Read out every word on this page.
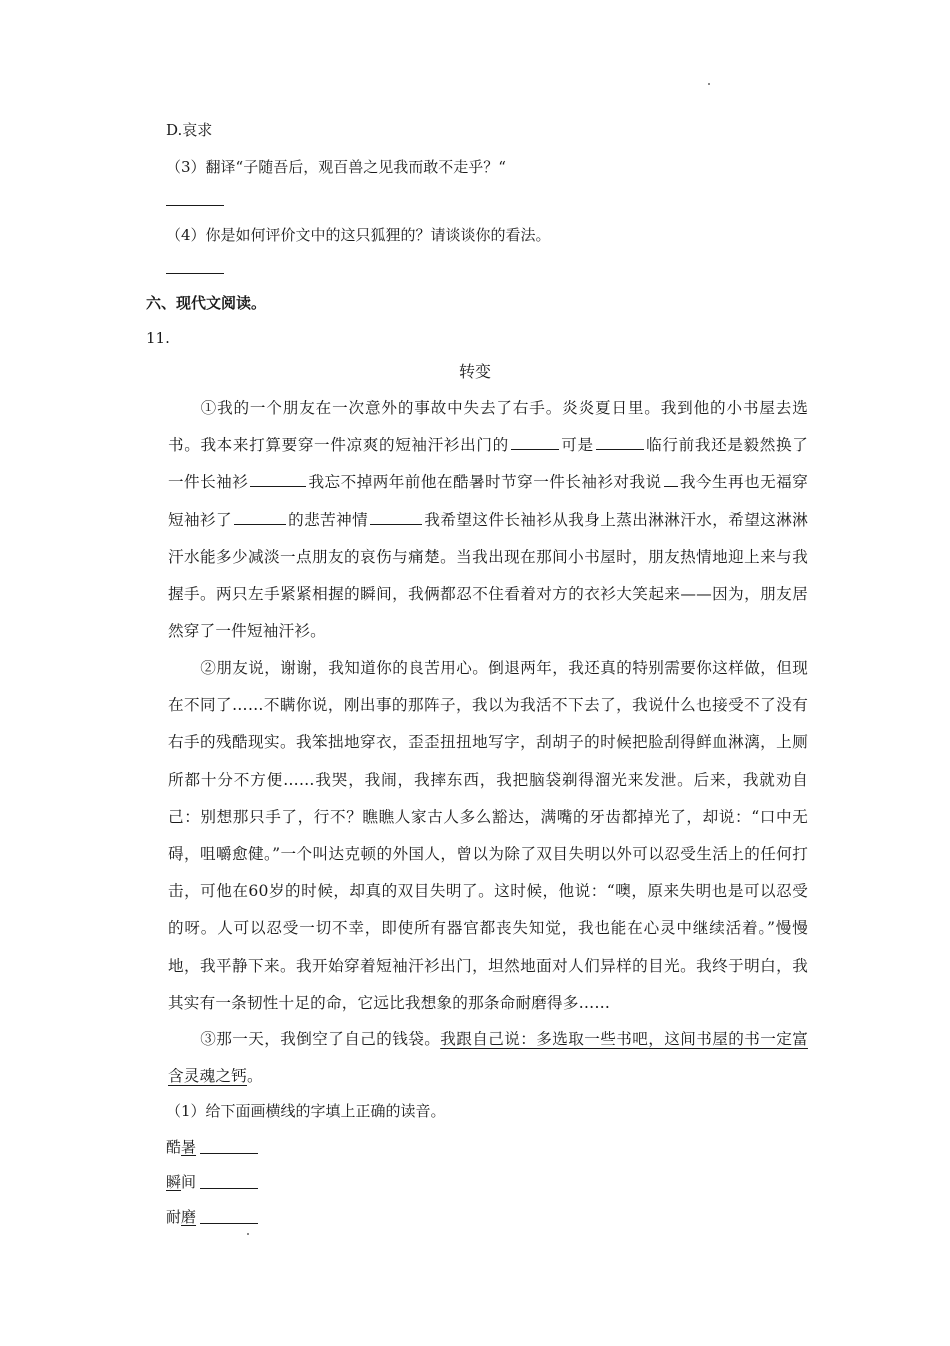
D.哀求
（3）翻译“子随吾后，观百兽之见我而敢不走乎？“
（4）你是如何评价文中的这只狐狸的？请谈谈你的看法。
六、现代文阅读。
11.
转变
①我的一个朋友在一次意外的事故中失去了右手。炎炎夏日里。我到他的小书屋去选书。我本来打算要穿一件凉爽的短袖汗衫出门的	可是	临行前我还是毅然换了一件长袖衫	我忘不掉两年前他在酷暑时节穿一件长袖衫对我说 我今生再也无福穿短袖衫了	的悲苦神情	我希望这件长袖衫从我身上蒸出淋淋汗水，希望这淋淋汗水能多少减淡一点朋友的哀伤与痛楚。当我出现在那间小书屋时，朋友热情地迎上来与我握手。两只左手紧紧相握的瞬间，我俩都忍不住看着对方的衣衫大笑起来——因为，朋友居然穿了一件短袖汗衫。
②朋友说，谢谢，我知道你的良苦用心。倒退两年，我还真的特别需要你这样做，但现在不同了……不瞒你说，刚出事的那阵子，我以为我活不下去了，我说什么也接受不了没有右手的残酷现实。我笨拙地穿衣，歪歪扭扭地写字，刮胡子的时候把脸刮得鲜血淋漓，上厕所都十分不方便……我哭，我闹，我摔东西，我把脑袋剃得溜光来发泄。后来，我就劝自己：别想那只手了，行不？瞧瞧人家古人多么豁达，满嘴的牙齿都掉光了，却说：“口中无碍，咀嚼愈健。”一个叫达克顿的外国人，曾以为除了双目失明以外可以忍受生活上的任何打击，可他在60岁的时候，却真的双目失明了。这时候，他说：“噢，原来失明也是可以忍受的呀。人可以忍受一切不幸，即使所有器官都丧失知觉，我也能在心灵中继续活着。”慢慢地，我平静下来。我开始穿着短袖汗衫出门，坦然地面对人们异样的目光。我终于明白，我其实有一条韧性十足的命，它远比我想象的那条命耐磨得多……
③那一天，我倒空了自己的钱袋。我跟自己说：多选取一些书吧，这间书屋的书一定富含灵魂之钙。
（1）给下面画横线的字填上正确的读音。
酷暑
瞬间
耐磨
